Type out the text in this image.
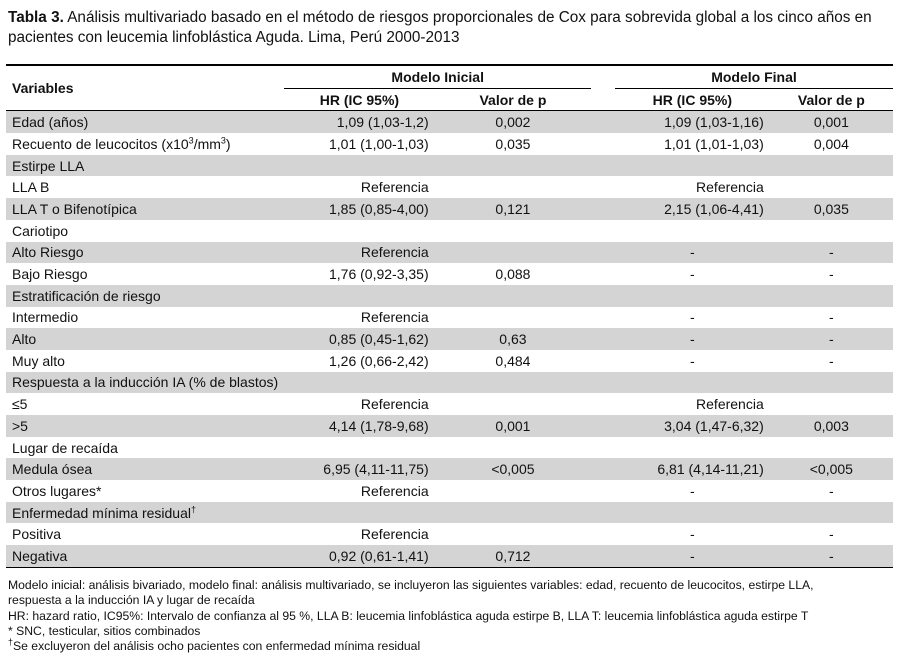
Tabla 3. Análisis multivariado basado en el método de riesgos proporcionales de Cox para sobrevida global a los cinco años en pacientes con leucemia linfoblástica Aguda. Lima, Perú 2000-2013
Variables	Modelo Inicial			Modelo Final	
	HR (IC 95%)	Valor de p		HR (IC 95%)	Valor de p
Edad (años)	1,09 (1,03-1,2)	0,002		1,09 (1,03-1,16)	0,001
Recuento de leucocitos $(x10^3/mm^3)$	1,01 (1,00-1,03)	0,035		1,01 (1,01-1,03)	0,004
Estirpe LLA					
LLA B	Referencia			Referencia	
LLA T o Bifenotípica	1,85 (0,85-4,00)	0,121		2,15 (1,06-4,41)	0,035
Cariotipo					
Alto Riesgo	Referencia			-	-
Bajo Riesgo	1,76 (0,92-3,35)	0,088		-	-
Estratificación de riesgo					
Intermedio	Referencia			-	-
Alto	0,85 (0,45-1,62)	0,63		-	-
Muy alto	1,26 (0,66-2,42)	0,484		-	-
Respuesta a la inducción IA (% de blastos)					
≤5	Referencia			Referencia	
>5	4,14 (1,78-9,68)	0,001		3,04 (1,47-6,32)	0,003
Lugar de recaída					
Medula ósea	6,95 (4,11-11,75)	<0,005		6,81 (4,14-11,21)	<0,005
Otros lugares*	Referencia			-	-
Enfermedad mínima residual†					
Positiva	Referencia			-	-
Negativa	0,92 (0,61-1,41)	0,712		-	-
Modelo inicial: análisis bivariado, modelo final: análisis multivariado, se incluyeron las siguientes variables: edad, recuento de leucocitos, estirpe LLA,
respuesta a la inducción IA y lugar de recaída
HR: hazard ratio, IC95%: Intervalo de confianza al 95 %, LLA B: leucemia linfoblástica aguda estirpe B, LLA T: leucemia linfoblástica aguda estirpe T
* SNC, testicular, sitios combinados
†Se excluyeron del análisis ocho pacientes con enfermedad mínima residual
